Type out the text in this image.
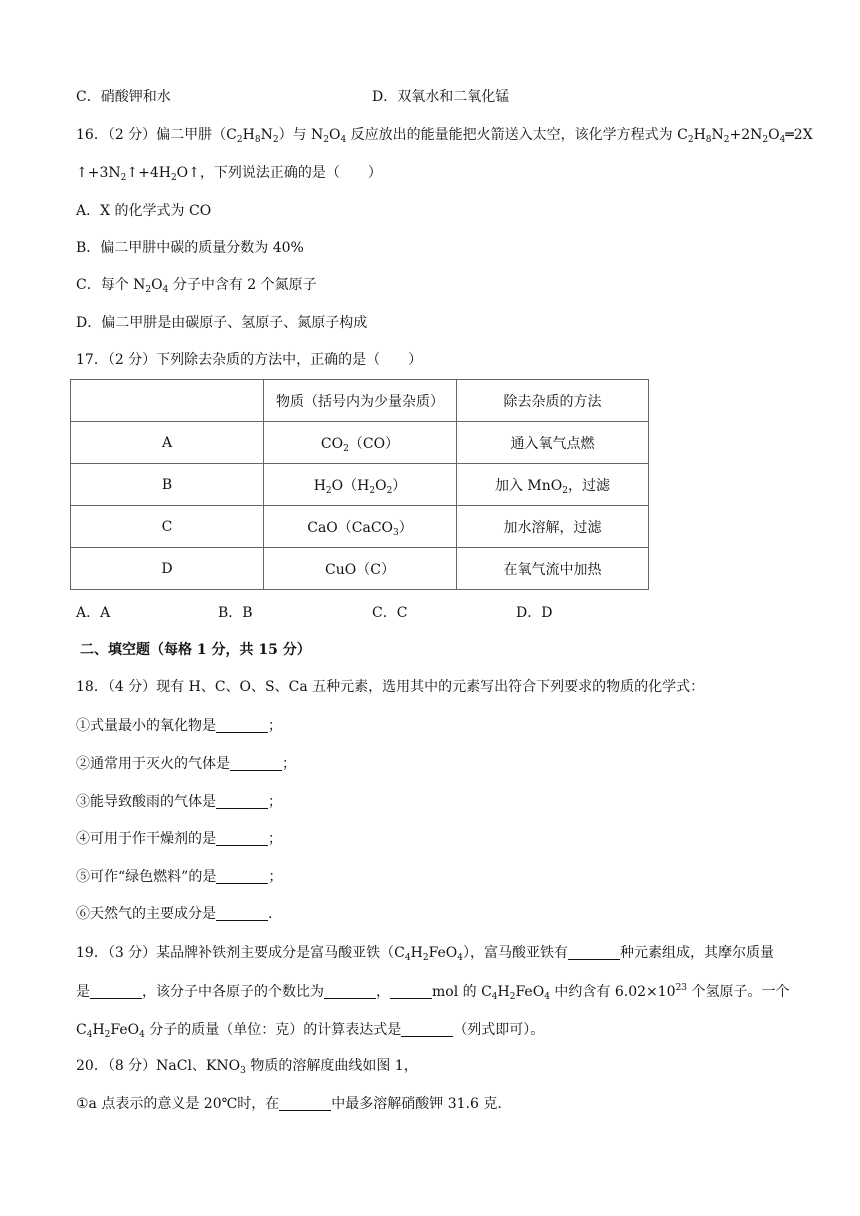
C．硝酸钾和水	D．双氧水和二氧化锰
16．（2 分）偏二甲肼$(C_2H_8N_2)$与 $N_2O_4$ 反应放出的能量能把火箭送入太空，该化学方程式为 $C_2H_8N_2+2N_2O_4═2X$
$↑+3N_2↑+4H_2O↑$，下列说法正确的是（　　）
A．X 的化学式为 CO
B．偏二甲肼中碳的质量分数为 40%
C．每个 $N_2O_4$ 分子中含有 2 个氮原子
D．偏二甲肼是由碳原子、氢原子、氮原子构成
17．（2 分）下列除去杂质的方法中，正确的是（　　）
	物质（括号内为少量杂质）	除去杂质的方法
A	$CO_2(CO)$	通入氧气点燃
B	$H_2O(H_2O_2)$	加入 MnO$_2$，过滤
C	CaO（CaCO$_3$）	加水溶解，过滤
D	CuO（C）	在氧气流中加热
A．A	B．B	C．C	D．D
二、填空题（每格 1 分，共 15 分）
18．（4 分）现有 H、C、O、S、Ca 五种元素，选用其中的元素写出符合下列要求的物质的化学式：
①式量最小的氧化物是	；
②通常用于灭火的气体是	；
③能导致酸雨的气体是	；
④可用于作干燥剂的是	；
⑤可作“绿色燃料”的是	；
⑥天然气的主要成分是	.
19．（3 分）某品牌补铁剂主要成分是富马酸亚铁$(C_4H_2FeO_4)$，富马酸亚铁有	种元素组成，其摩尔质量
是	，该分子中各原子的个数比为	，	mol 的 $C_4H_2FeO_4$ 中约含有 $6.02\times 10^{23}$ 个氢原子。一个
$C_4H_2FeO_4$ 分子的质量（单位：克）的计算表达式是	（列式即可）。
20．（8 分）NaCl、$KNO_3$ 物质的溶解度曲线如图 1，
①a 点表示的意义是 20℃时，在	中最多溶解硝酸钾 31.6 克.
